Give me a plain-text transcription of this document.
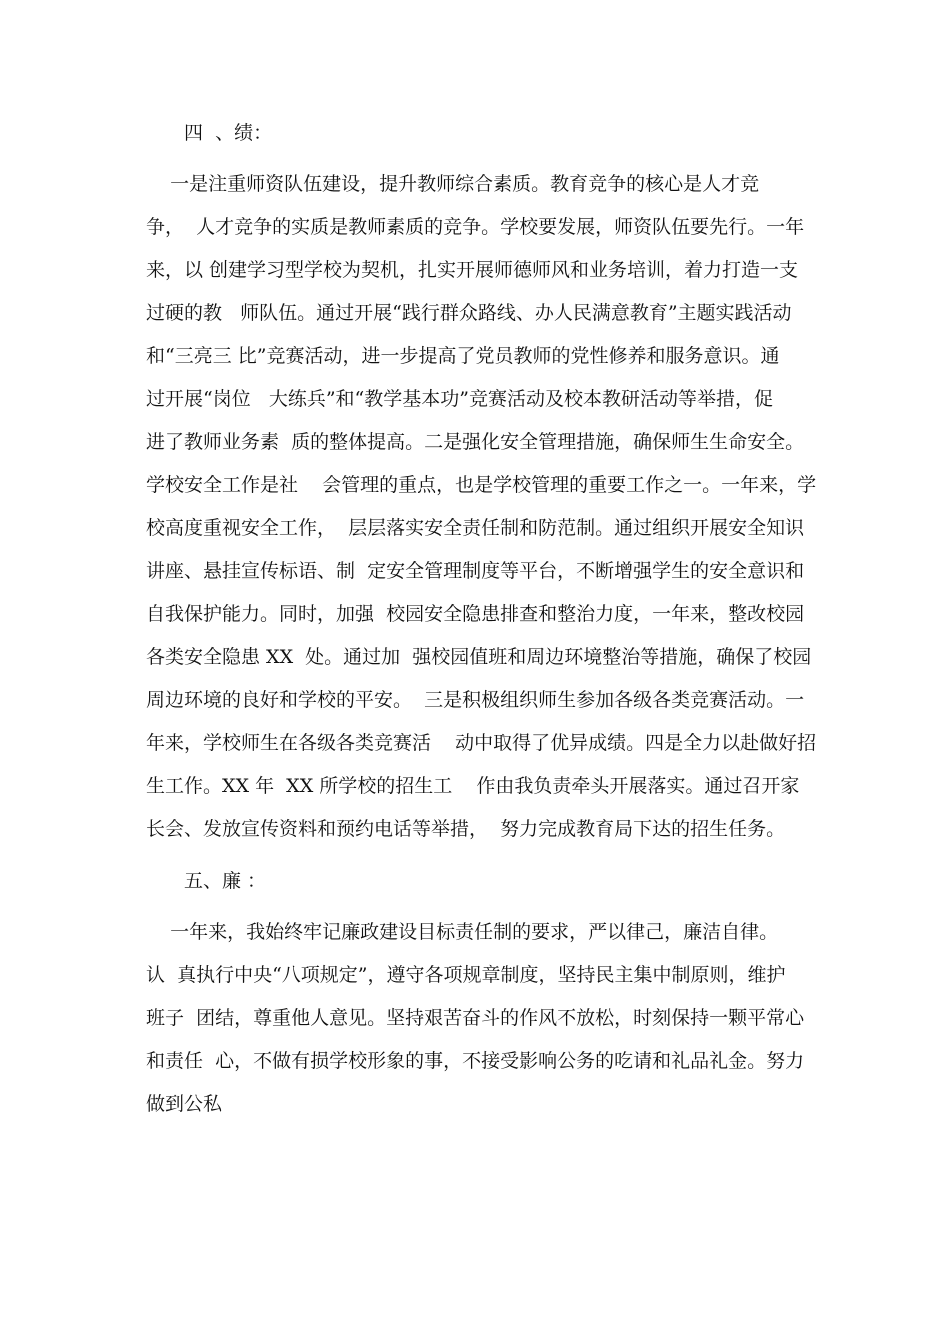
四  、绩：
一是注重师资队伍建设，提升教师综合素质。教育竞争的核心是人才竞
争，  人才竞争的实质是教师素质的竞争。学校要发展，师资队伍要先行。一年
来，以 创建学习型学校为契机，扎实开展师德师风和业务培训，着力打造一支
过硬的教   师队伍。通过开展“践行群众路线、办人民满意教育”主题实践活动
和“三亮三 比”竞赛活动，进一步提高了党员教师的党性修养和服务意识。通
过开展“岗位   大练兵”和“教学基本功”竞赛活动及校本教研活动等举措，促
进了教师业务素  质的整体提高。二是强化安全管理措施，确保师生生命安全。
学校安全工作是社    会管理的重点，也是学校管理的重要工作之一。一年来，学
校高度重视安全工作，  层层落实安全责任制和防范制。通过组织开展安全知识
讲座、悬挂宣传标语、制  定安全管理制度等平台，不断增强学生的安全意识和
自我保护能力。同时，加强  校园安全隐患排查和整治力度，一年来，整改校园
各类安全隐患 XX  处。通过加  强校园值班和周边环境整治等措施，确保了校园
周边环境的良好和学校的平安。  三是积极组织师生参加各级各类竞赛活动。一
年来，学校师生在各级各类竞赛活    动中取得了优异成绩。四是全力以赴做好招
生工作。XX 年  XX 所学校的招生工    作由我负责牵头开展落实。通过召开家
长会、发放宣传资料和预约电话等举措，  努力完成教育局下达的招生任务。
五、廉 ：
一年来，我始终牢记廉政建设目标责任制的要求，严以律己，廉洁自律。
认  真执行中央“八项规定”，遵守各项规章制度，坚持民主集中制原则，维护
班子  团结，尊重他人意见。坚持艰苦奋斗的作风不放松，时刻保持一颗平常心
和责任  心，不做有损学校形象的事，不接受影响公务的吃请和礼品礼金。努力
做到公私
